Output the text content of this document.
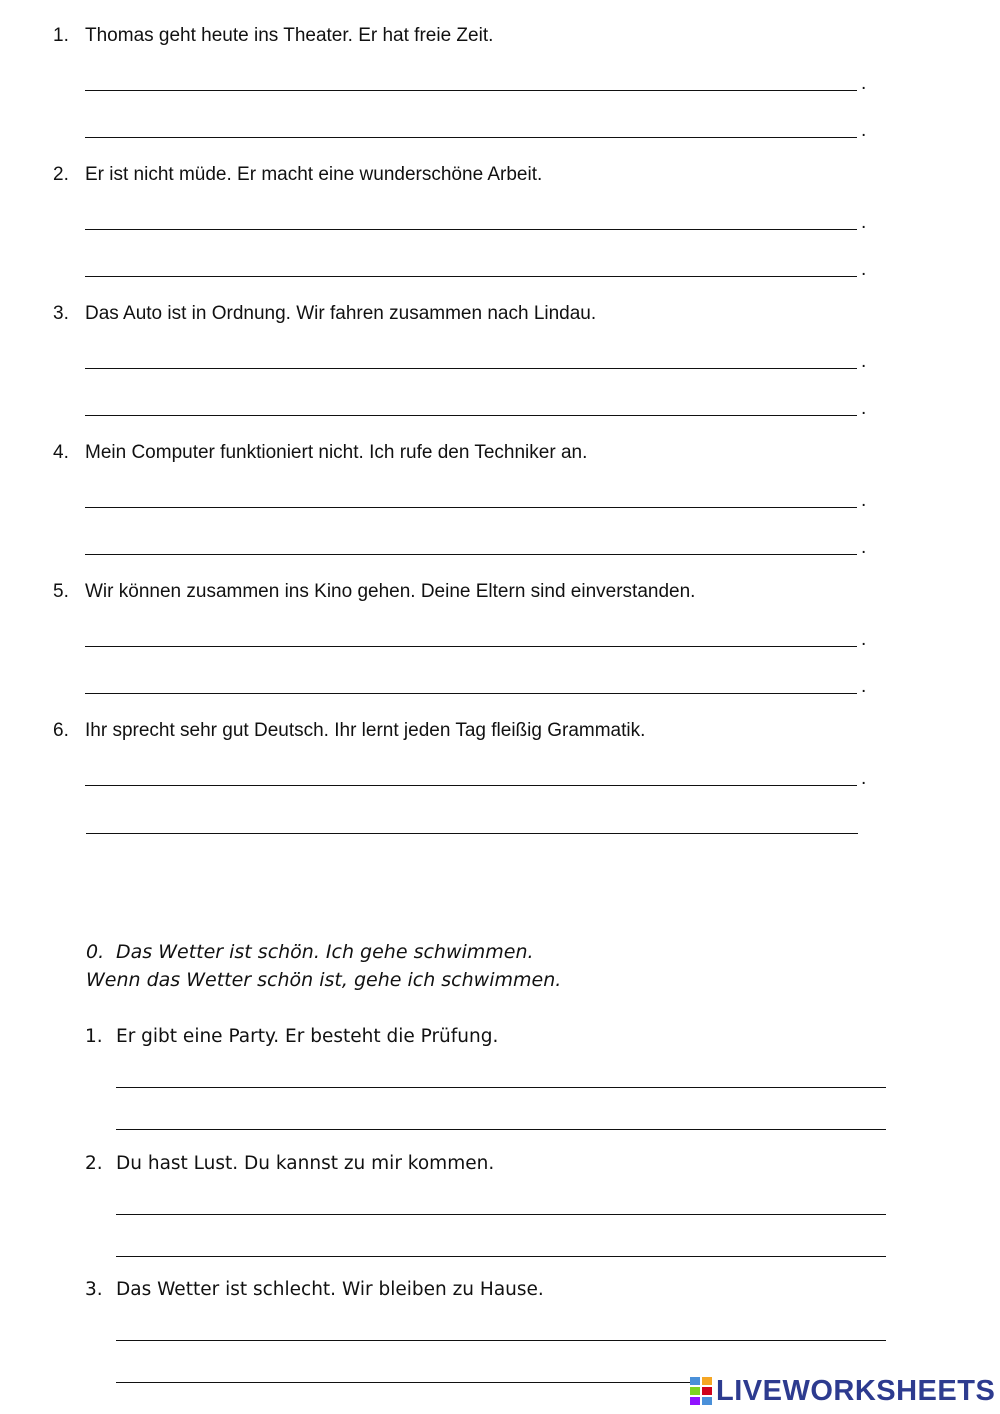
1. Thomas geht heute ins Theater. Er hat freie Zeit.
.
.
2. Er ist nicht müde. Er macht eine wunderschöne Arbeit.
.
.
3. Das Auto ist in Ordnung. Wir fahren zusammen nach Lindau.
.
.
4. Mein Computer funktioniert nicht. Ich rufe den Techniker an.
.
.
5. Wir können zusammen ins Kino gehen. Deine Eltern sind einverstanden.
.
.
6. Ihr sprecht sehr gut Deutsch. Ihr lernt jeden Tag fleißig Grammatik.
.
0. Das Wetter ist schön. Ich gehe schwimmen.
Wenn das Wetter schön ist, gehe ich schwimmen.
1. Er gibt eine Party. Er besteht die Prüfung.
2. Du hast Lust. Du kannst zu mir kommen.
3. Das Wetter ist schlecht. Wir bleiben zu Hause.
LIVEWORKSHEETS
